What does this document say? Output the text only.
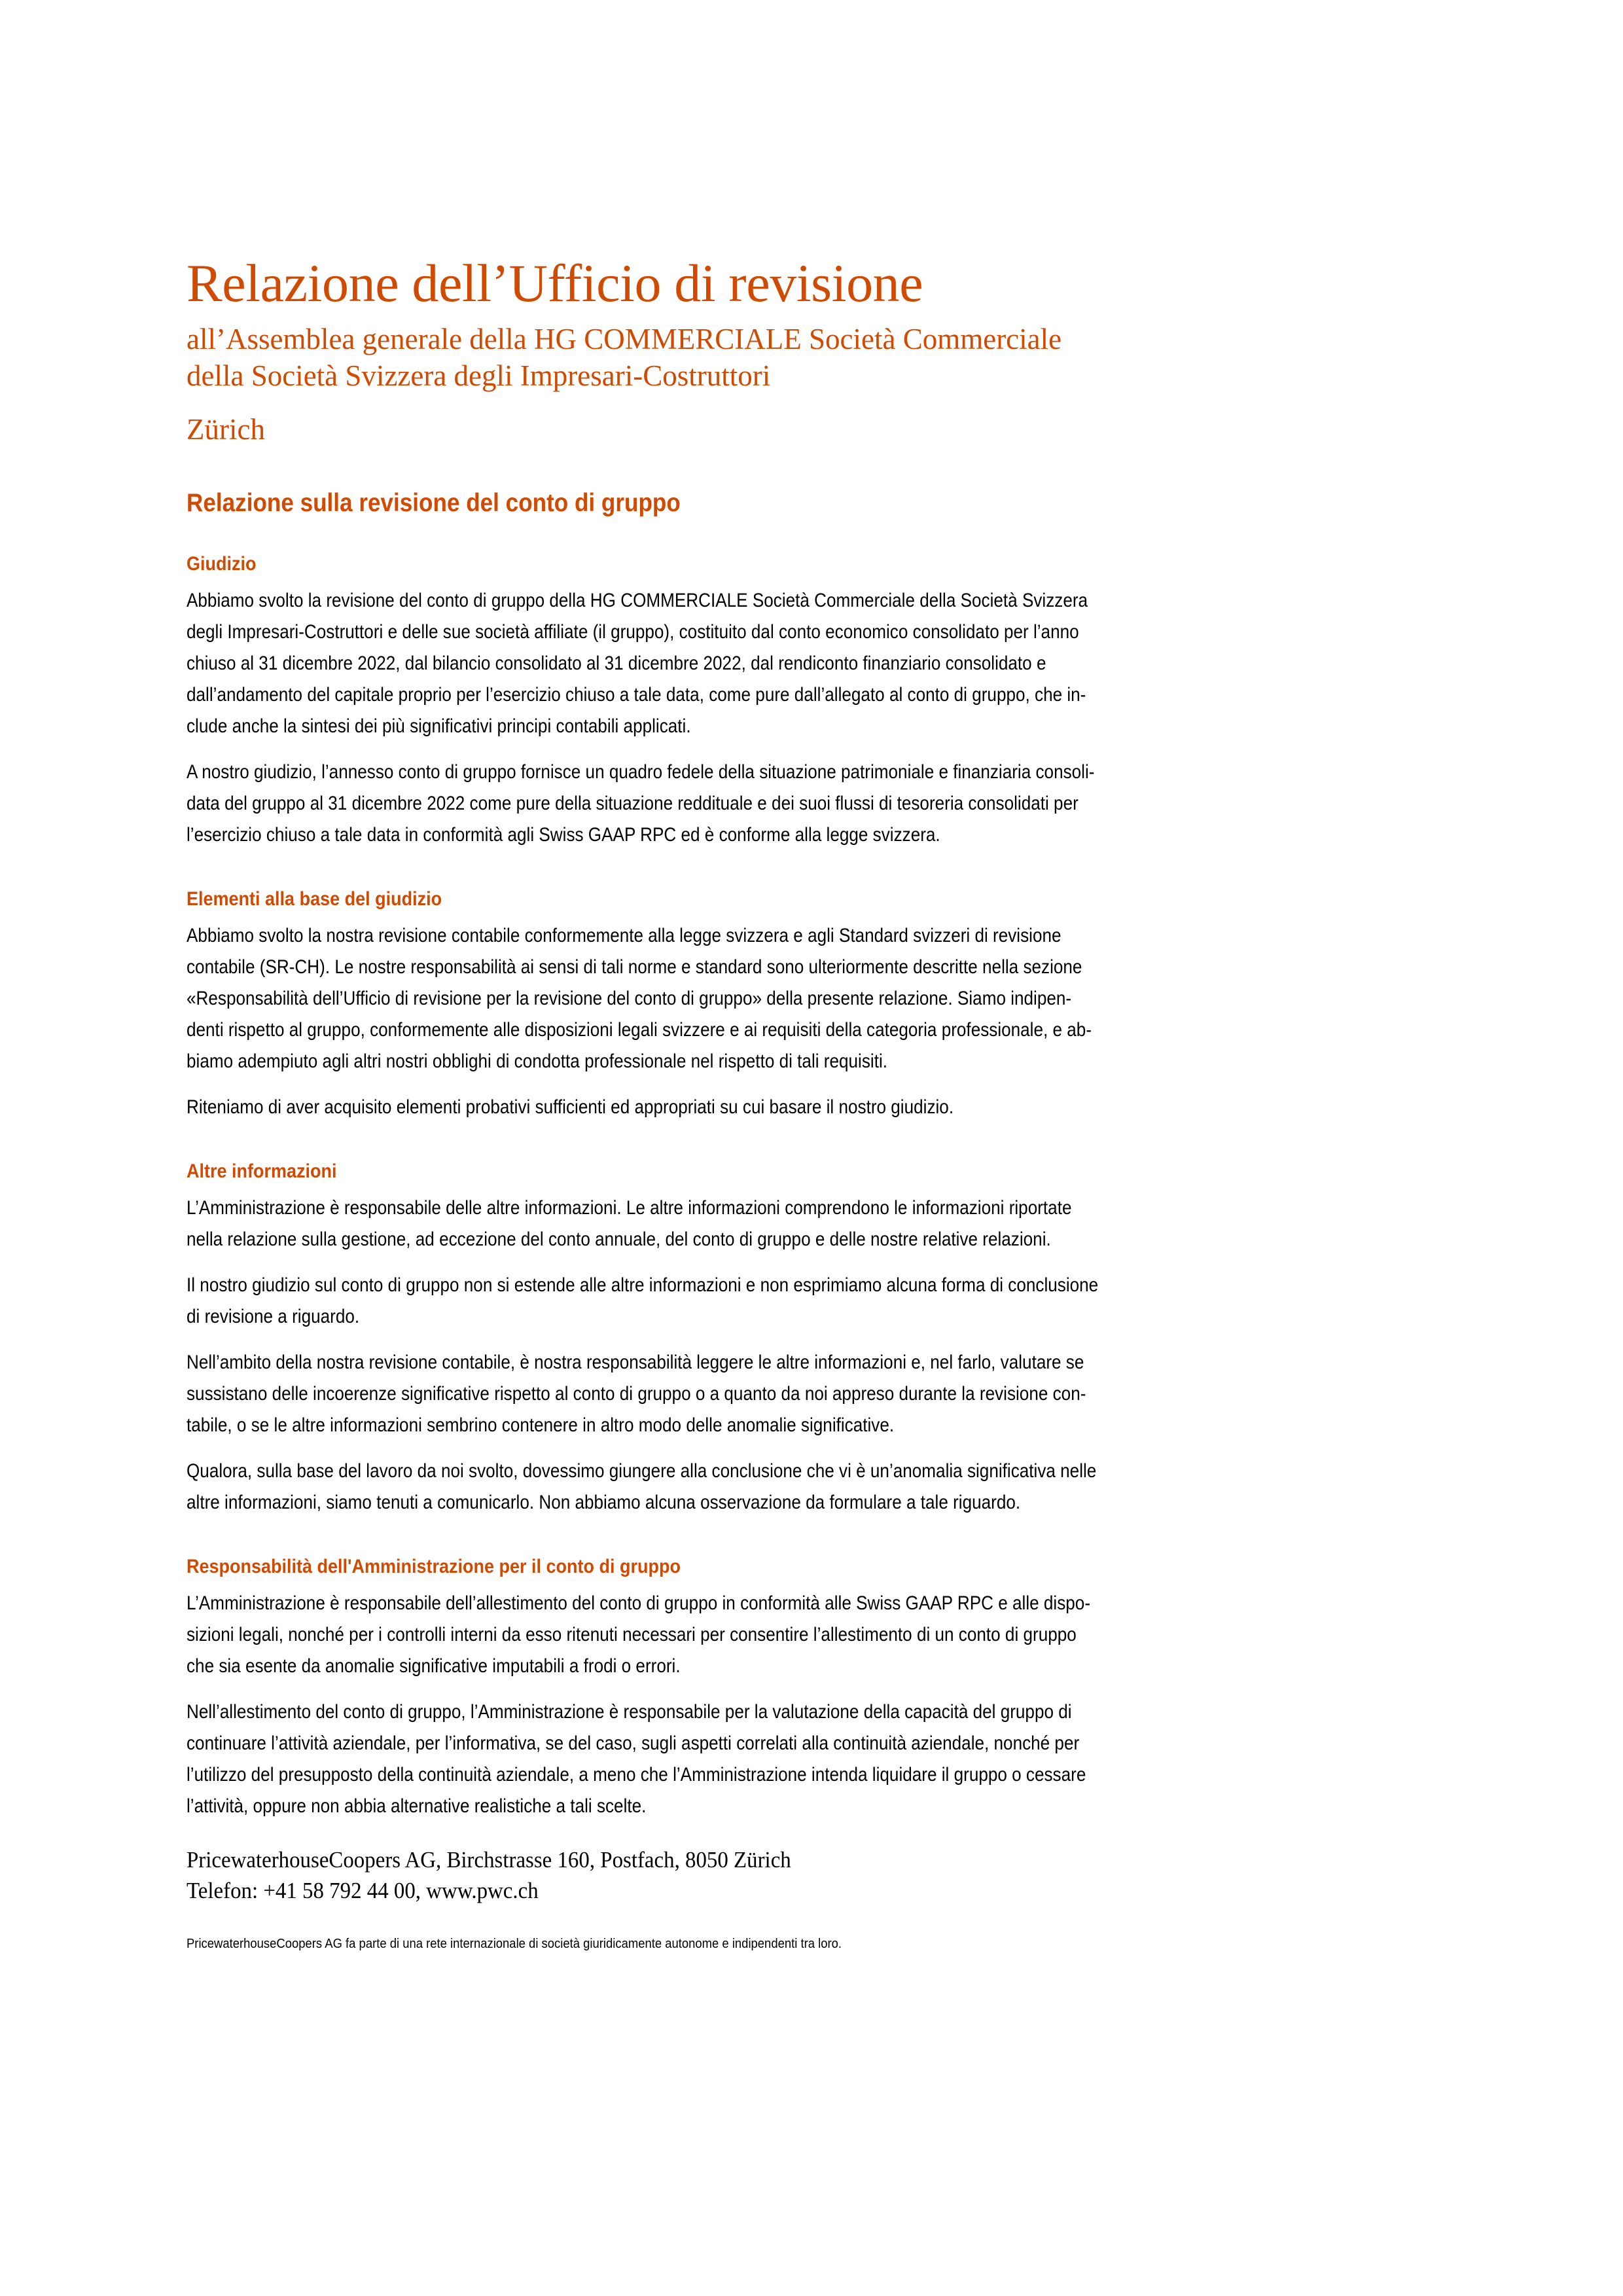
Relazione dell’Ufficio di revisione
all’Assemblea generale della HG COMMERCIALE Società Commerciale
della Società Svizzera degli Impresari-Costruttori
Zürich
Relazione sulla revisione del conto di gruppo
Giudizio
Abbiamo svolto la revisione del conto di gruppo della HG COMMERCIALE Società Commerciale della Società Svizzera
degli Impresari-Costruttori e delle sue società affiliate (il gruppo), costituito dal conto economico consolidato per l’anno
chiuso al 31 dicembre 2022, dal bilancio consolidato al 31 dicembre 2022, dal rendiconto finanziario consolidato e
dall’andamento del capitale proprio per l’esercizio chiuso a tale data, come pure dall’allegato al conto di gruppo, che in-
clude anche la sintesi dei più significativi principi contabili applicati.
A nostro giudizio, l’annesso conto di gruppo fornisce un quadro fedele della situazione patrimoniale e finanziaria consoli-
data del gruppo al 31 dicembre 2022 come pure della situazione reddituale e dei suoi flussi di tesoreria consolidati per
l’esercizio chiuso a tale data in conformità agli Swiss GAAP RPC ed è conforme alla legge svizzera.
Elementi alla base del giudizio
Abbiamo svolto la nostra revisione contabile conformemente alla legge svizzera e agli Standard svizzeri di revisione
contabile (SR-CH). Le nostre responsabilità ai sensi di tali norme e standard sono ulteriormente descritte nella sezione
«Responsabilità dell’Ufficio di revisione per la revisione del conto di gruppo» della presente relazione. Siamo indipen-
denti rispetto al gruppo, conformemente alle disposizioni legali svizzere e ai requisiti della categoria professionale, e ab-
biamo adempiuto agli altri nostri obblighi di condotta professionale nel rispetto di tali requisiti.
Riteniamo di aver acquisito elementi probativi sufficienti ed appropriati su cui basare il nostro giudizio.
Altre informazioni
L’Amministrazione è responsabile delle altre informazioni. Le altre informazioni comprendono le informazioni riportate
nella relazione sulla gestione, ad eccezione del conto annuale, del conto di gruppo e delle nostre relative relazioni.
Il nostro giudizio sul conto di gruppo non si estende alle altre informazioni e non esprimiamo alcuna forma di conclusione
di revisione a riguardo.
Nell’ambito della nostra revisione contabile, è nostra responsabilità leggere le altre informazioni e, nel farlo, valutare se
sussistano delle incoerenze significative rispetto al conto di gruppo o a quanto da noi appreso durante la revisione con-
tabile, o se le altre informazioni sembrino contenere in altro modo delle anomalie significative.
Qualora, sulla base del lavoro da noi svolto, dovessimo giungere alla conclusione che vi è un’anomalia significativa nelle
altre informazioni, siamo tenuti a comunicarlo. Non abbiamo alcuna osservazione da formulare a tale riguardo.
Responsabilità dell'Amministrazione per il conto di gruppo
L’Amministrazione è responsabile dell’allestimento del conto di gruppo in conformità alle Swiss GAAP RPC e alle dispo-
sizioni legali, nonché per i controlli interni da esso ritenuti necessari per consentire l’allestimento di un conto di gruppo
che sia esente da anomalie significative imputabili a frodi o errori.
Nell’allestimento del conto di gruppo, l’Amministrazione è responsabile per la valutazione della capacità del gruppo di
continuare l’attività aziendale, per l’informativa, se del caso, sugli aspetti correlati alla continuità aziendale, nonché per
l’utilizzo del presupposto della continuità aziendale, a meno che l’Amministrazione intenda liquidare il gruppo o cessare
l’attività, oppure non abbia alternative realistiche a tali scelte.
PricewaterhouseCoopers AG, Birchstrasse 160, Postfach, 8050 Zürich
Telefon: +41 58 792 44 00, www.pwc.ch
PricewaterhouseCoopers AG fa parte di una rete internazionale di società giuridicamente autonome e indipendenti tra loro.
